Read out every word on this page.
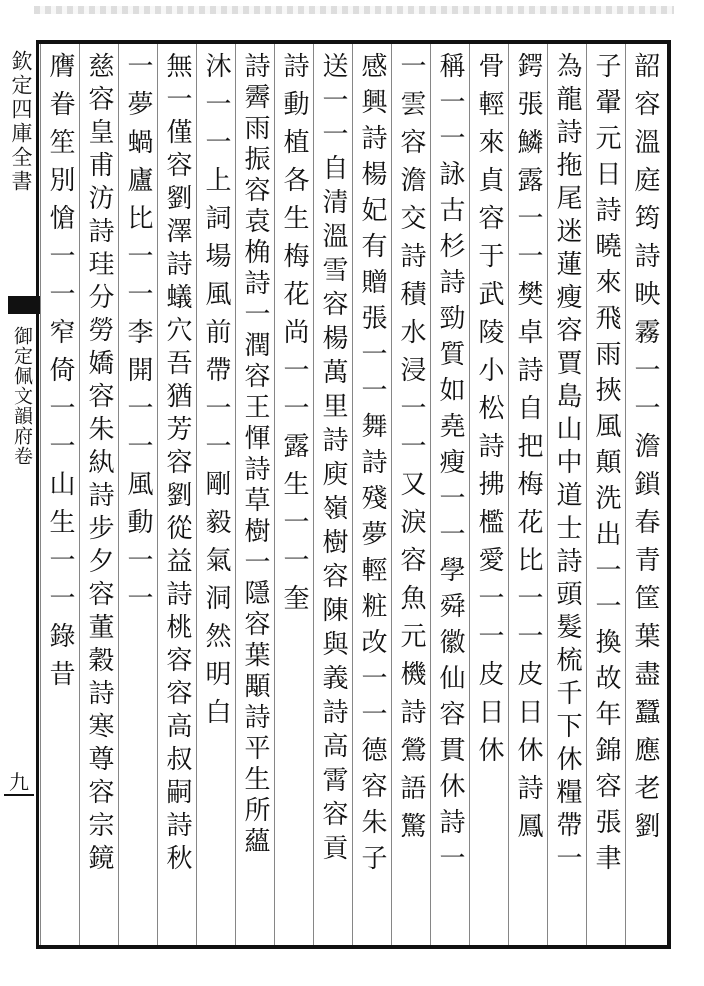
欽定四庫全書
御定佩文韻府卷
九	韶容溫庭筠詩映霧一一澹鎖春青筐葉盡蠶應老劉
子翬元日詩曉來飛雨挾風顛洗出一一換故年錦容張聿
為龍詩拖尾迷蓮瘦容賈島山中道士詩頭髮梳千下休糧帶一
鍔張鱗露一一樊卓詩自把梅花比一一皮日休詩鳳
骨輕來貞容于武陵小松詩拂檻愛一一皮日休
稱一一詠古杉詩勁質如堯瘦一一學舜徽仙容貫休詩一
一雲容澹交詩積水浸一一又淚容魚元機詩鶯語驚
感興詩楊妃有贈張一一舞詩殘夢輕粧改一一德容朱子
送一一自清溫雪容楊萬里詩庾嶺樹容陳與義詩高霄容貢
詩動植各生梅花尚一一露生一一奎
詩霽雨振容袁桷詩一潤容王惲詩草樹一隱容葉顒詩平生所蘊
沐一一上詞場風前帶一一剛毅氣洞然明白
無一僅容劉澤詩蟻穴吾猶芳容劉從益詩桃容容高叔嗣詩秋
一夢蝸廬比一一李開一一風動一一
慈容皇甫汸詩珪分勞嬌容朱紈詩步夕容董穀詩寒尊容宗鏡
膺眷笙別愴一一窄倚一一山生一一錄昔
